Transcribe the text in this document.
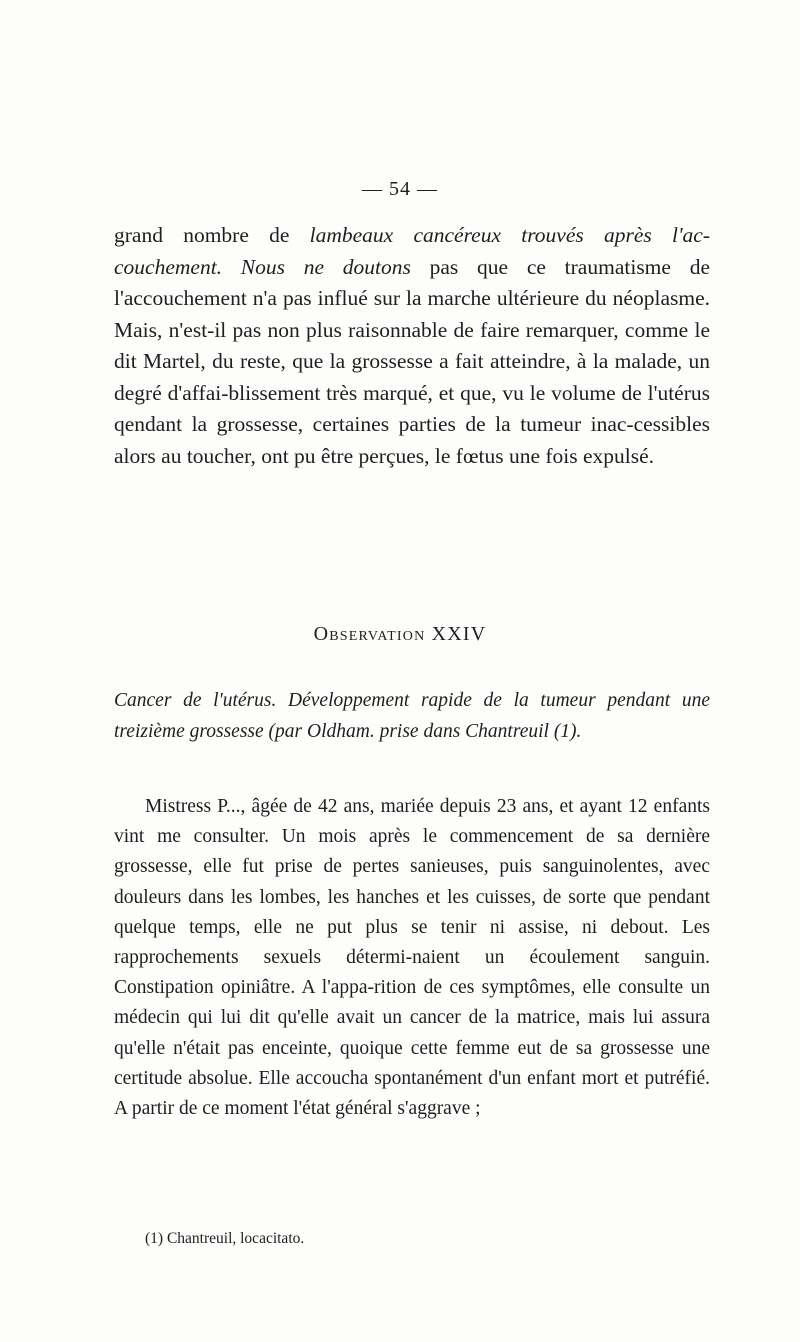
— 54 —

grand nombre de lambeaux cancéreux trouvés après l'ac-couchement. Nous ne doutons pas que ce traumatisme de l'accouchement n'a pas influé sur la marche ultérieure du néoplasme. Mais, n'est-il pas non plus raisonnable de faire remarquer, comme le dit Martel, du reste, que la grossesse a fait atteindre, à la malade, un degré d'affai-blissement très marqué, et que, vu le volume de l'utérus qendant la grossesse, certaines parties de la tumeur inac-cessibles alors au toucher, ont pu être perçues, le fœtus une fois expulsé.

Observation XXIV

Cancer de l'utérus. Développement rapide de la tumeur pendant une treizième grossesse (par Oldham. prise dans Chantreuil (1).

Mistress P..., âgée de 42 ans, mariée depuis 23 ans, et ayant 12 enfants vint me consulter. Un mois après le commencement de sa dernière grossesse, elle fut prise de pertes sanieuses, puis sanguinolentes, avec douleurs dans les lombes, les hanches et les cuisses, de sorte que pendant quelque temps, elle ne put plus se tenir ni assise, ni debout. Les rapprochements sexuels détermi-naient un écoulement sanguin. Constipation opiniâtre. A l'appa-rition de ces symptômes, elle consulte un médecin qui lui dit qu'elle avait un cancer de la matrice, mais lui assura qu'elle n'était pas enceinte, quoique cette femme eut de sa grossesse une certitude absolue. Elle accoucha spontanément d'un enfant mort et putréfié. A partir de ce moment l'état général s'aggrave ;

(1) Chantreuil, locacitato.
